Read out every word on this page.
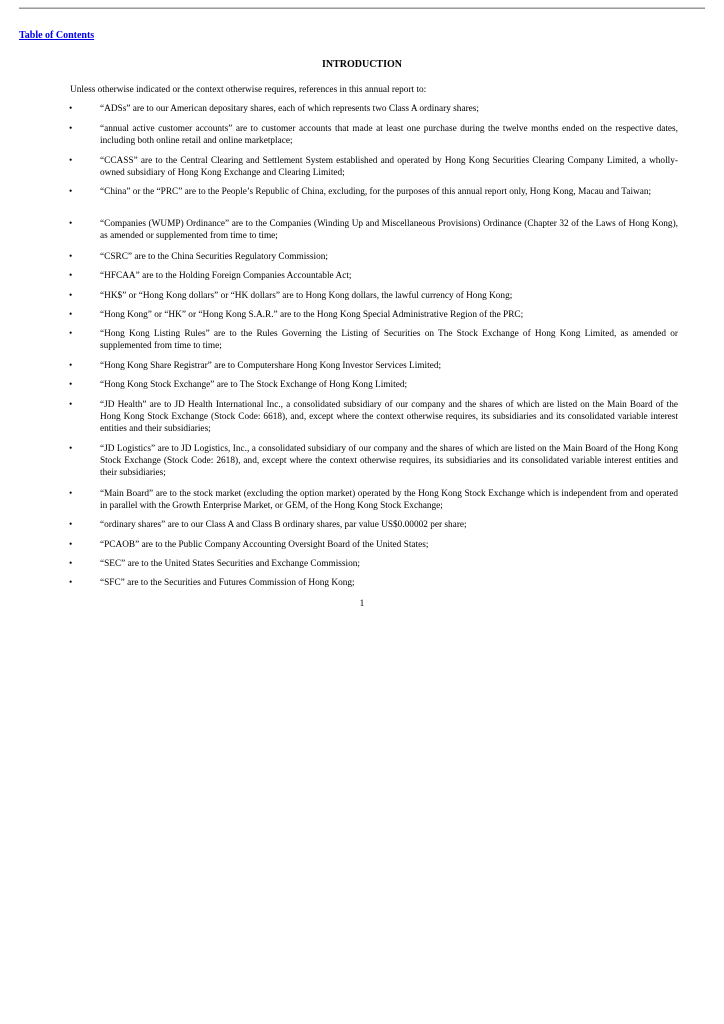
Table of Contents
INTRODUCTION
Unless otherwise indicated or the context otherwise requires, references in this annual report to:
•	“ADSs” are to our American depositary shares, each of which represents two Class A ordinary shares;
•	“annual active customer accounts” are to customer accounts that made at least one purchase during the twelve months ended on the respective dates, including both online retail and online marketplace;
•	“CCASS” are to the Central Clearing and Settlement System established and operated by Hong Kong Securities Clearing Company Limited, a wholly-owned subsidiary of Hong Kong Exchange and Clearing Limited;
•	“China” or the “PRC” are to the People’s Republic of China, excluding, for the purposes of this annual report only, Hong Kong, Macau and Taiwan;
•	“Companies (WUMP) Ordinance” are to the Companies (Winding Up and Miscellaneous Provisions) Ordinance (Chapter 32 of the Laws of Hong Kong), as amended or supplemented from time to time;
•	“CSRC” are to the China Securities Regulatory Commission;
•	“HFCAA” are to the Holding Foreign Companies Accountable Act;
•	“HK$” or “Hong Kong dollars” or “HK dollars” are to Hong Kong dollars, the lawful currency of Hong Kong;
•	“Hong Kong” or “HK” or “Hong Kong S.A.R.” are to the Hong Kong Special Administrative Region of the PRC;
•	“Hong Kong Listing Rules” are to the Rules Governing the Listing of Securities on The Stock Exchange of Hong Kong Limited, as amended or supplemented from time to time;
•	“Hong Kong Share Registrar” are to Computershare Hong Kong Investor Services Limited;
•	“Hong Kong Stock Exchange” are to The Stock Exchange of Hong Kong Limited;
•	“JD Health” are to JD Health International Inc., a consolidated subsidiary of our company and the shares of which are listed on the Main Board of the Hong Kong Stock Exchange (Stock Code: 6618), and, except where the context otherwise requires, its subsidiaries and its consolidated variable interest entities and their subsidiaries;
•	“JD Logistics” are to JD Logistics, Inc., a consolidated subsidiary of our company and the shares of which are listed on the Main Board of the Hong Kong Stock Exchange (Stock Code: 2618), and, except where the context otherwise requires, its subsidiaries and its consolidated variable interest entities and their subsidiaries;
•	“Main Board” are to the stock market (excluding the option market) operated by the Hong Kong Stock Exchange which is independent from and operated in parallel with the Growth Enterprise Market, or GEM, of the Hong Kong Stock Exchange;
•	“ordinary shares” are to our Class A and Class B ordinary shares, par value US$0.00002 per share;
•	“PCAOB” are to the Public Company Accounting Oversight Board of the United States;
•	“SEC” are to the United States Securities and Exchange Commission;
•	“SFC” are to the Securities and Futures Commission of Hong Kong;
1
